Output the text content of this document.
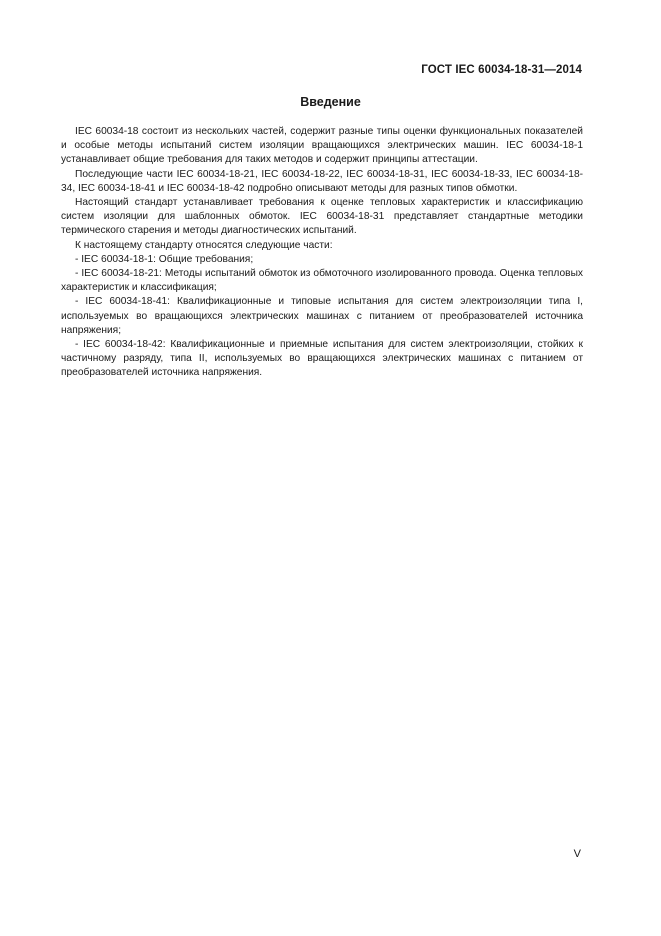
ГОСТ IEC 60034-18-31—2014
Введение

IEC 60034-18 состоит из нескольких частей, содержит разные типы оценки функциональных показателей и особые методы испытаний систем изоляции вращающихся электрических машин. IEC 60034-18-1 устанавливает общие требования для таких методов и содержит принципы аттестации.

Последующие части IEC 60034-18-21, IEC 60034-18-22, IEC 60034-18-31, IEC 60034-18-33, IEC 60034-18-34, IEC 60034-18-41 и IEC 60034-18-42 подробно описывают методы для разных типов обмотки.

Настоящий стандарт устанавливает требования к оценке тепловых характеристик и классификацию систем изоляции для шаблонных обмоток. IEC 60034-18-31 представляет стандартные методики термического старения и методы диагностических испытаний.

К настоящему стандарту относятся следующие части:

- IEC 60034-18-1: Общие требования;

- IEC 60034-18-21: Методы испытаний обмоток из обмоточного изолированного провода. Оценка тепловых характеристик и классификация;

- IEC 60034-18-41: Квалификационные и типовые испытания для систем электроизоляции типа I, используемых во вращающихся электрических машинах с питанием от преобразователей источника напряжения;

- IEC 60034-18-42: Квалификационные и приемные испытания для систем электроизоляции, стойких к частичному разряду, типа II, используемых во вращающихся электрических машинах с питанием от преобразователей источника напряжения.

V
